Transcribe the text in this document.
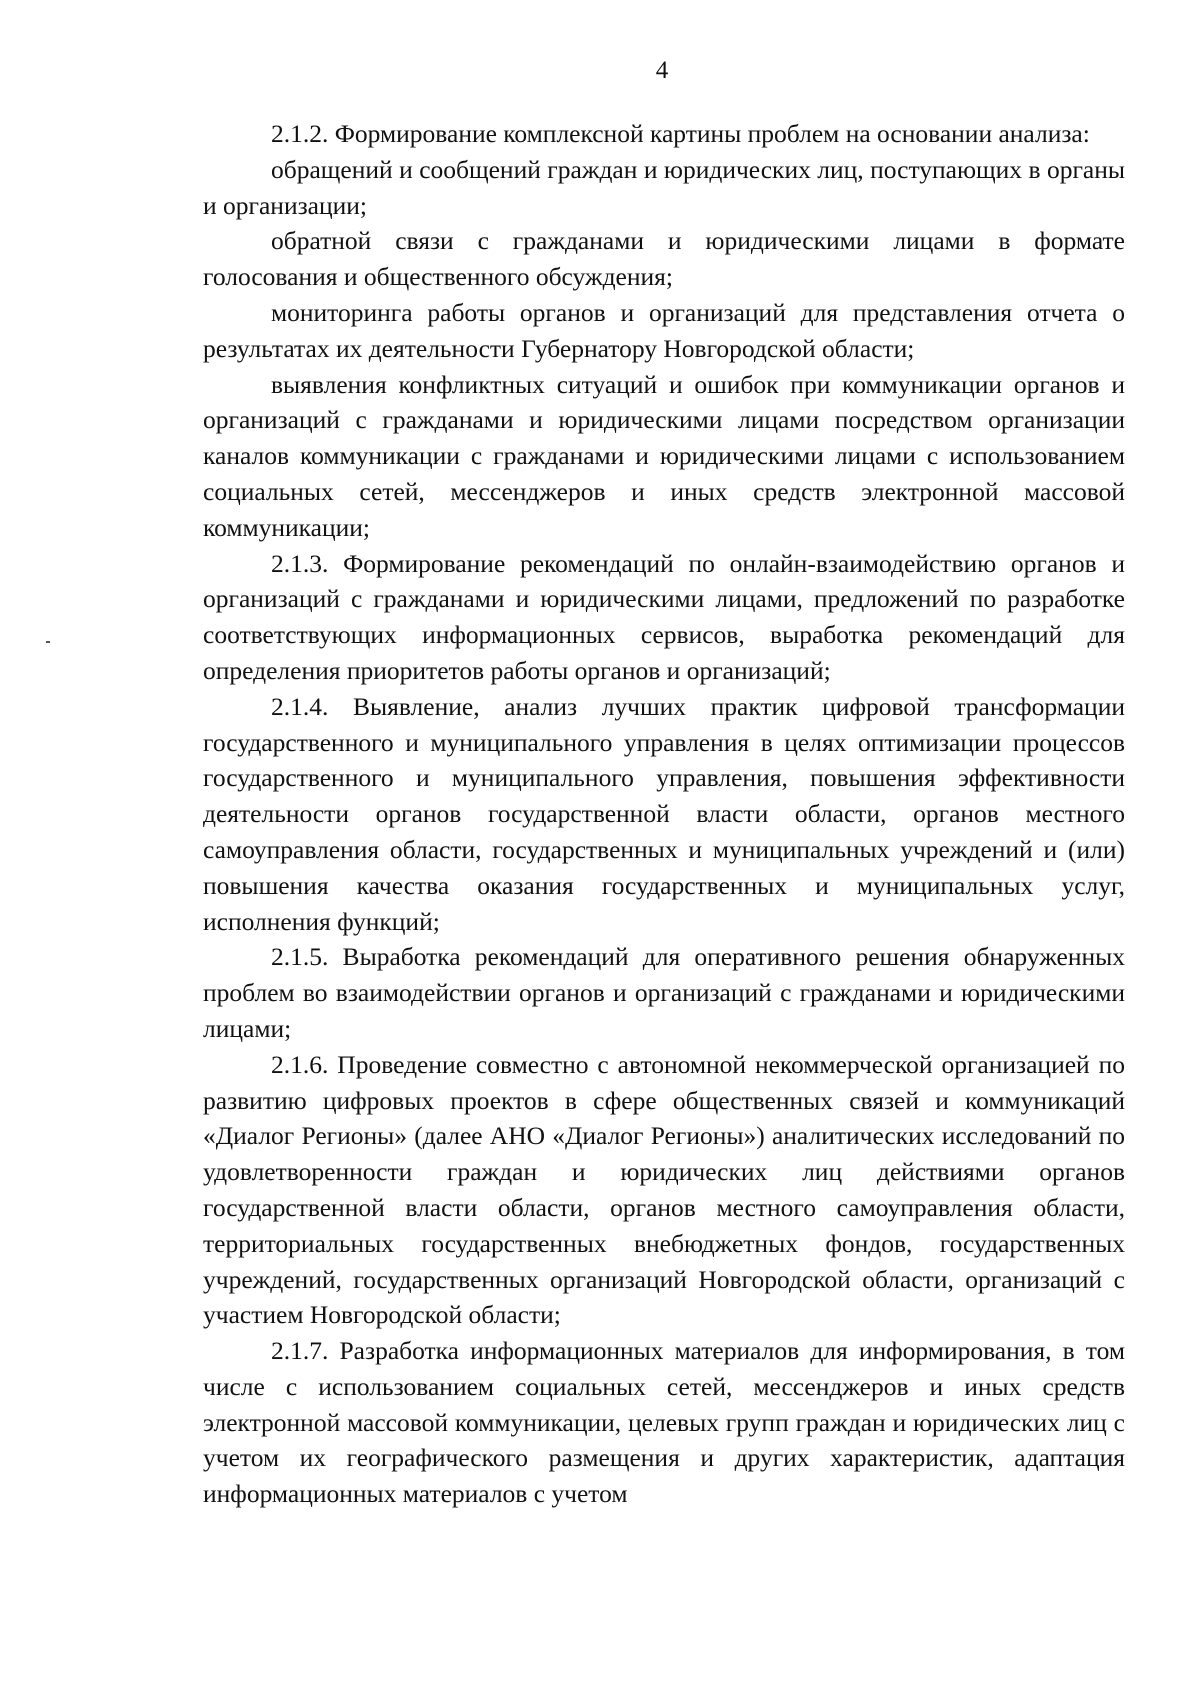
4

2.1.2. Формирование комплексной картины проблем на основании анализа:

обращений и сообщений граждан и юридических лиц, поступающих в органы и организации;

обратной связи с гражданами и юридическими лицами в формате голосования и общественного обсуждения;

мониторинга работы органов и организаций для представления отчета о результатах их деятельности Губернатору Новгородской области;

выявления конфликтных ситуаций и ошибок при коммуникации органов и организаций с гражданами и юридическими лицами посредством организации каналов коммуникации с гражданами и юридическими лицами с использованием социальных сетей, мессенджеров и иных средств электронной массовой коммуникации;

2.1.3. Формирование рекомендаций по онлайн-взаимодействию органов и организаций с гражданами и юридическими лицами, предложений по разработке соответствующих информационных сервисов, выработка рекомендаций для определения приоритетов работы органов и организаций;

2.1.4. Выявление, анализ лучших практик цифровой трансформации государственного и муниципального управления в целях оптимизации процессов государственного и муниципального управления, повышения эффективности деятельности органов государственной власти области, органов местного самоуправления области, государственных и муниципальных учреждений и (или) повышения качества оказания государственных и муниципальных услуг, исполнения функций;

2.1.5. Выработка рекомендаций для оперативного решения обнаруженных проблем во взаимодействии органов и организаций с гражданами и юридическими лицами;

2.1.6. Проведение совместно с автономной некоммерческой организацией по развитию цифровых проектов в сфере общественных связей и коммуникаций «Диалог Регионы» (далее АНО «Диалог Регионы») аналитических исследований по удовлетворенности граждан и юридических лиц действиями органов государственной власти области, органов местного самоуправления области, территориальных государственных внебюджетных фондов, государственных учреждений, государственных организаций Новгородской области, организаций с участием Новгородской области;

2.1.7. Разработка информационных материалов для информирования, в том числе с использованием социальных сетей, мессенджеров и иных средств электронной массовой коммуникации, целевых групп граждан и юридических лиц с учетом их географического размещения и других характеристик, адаптация информационных материалов с учетом
